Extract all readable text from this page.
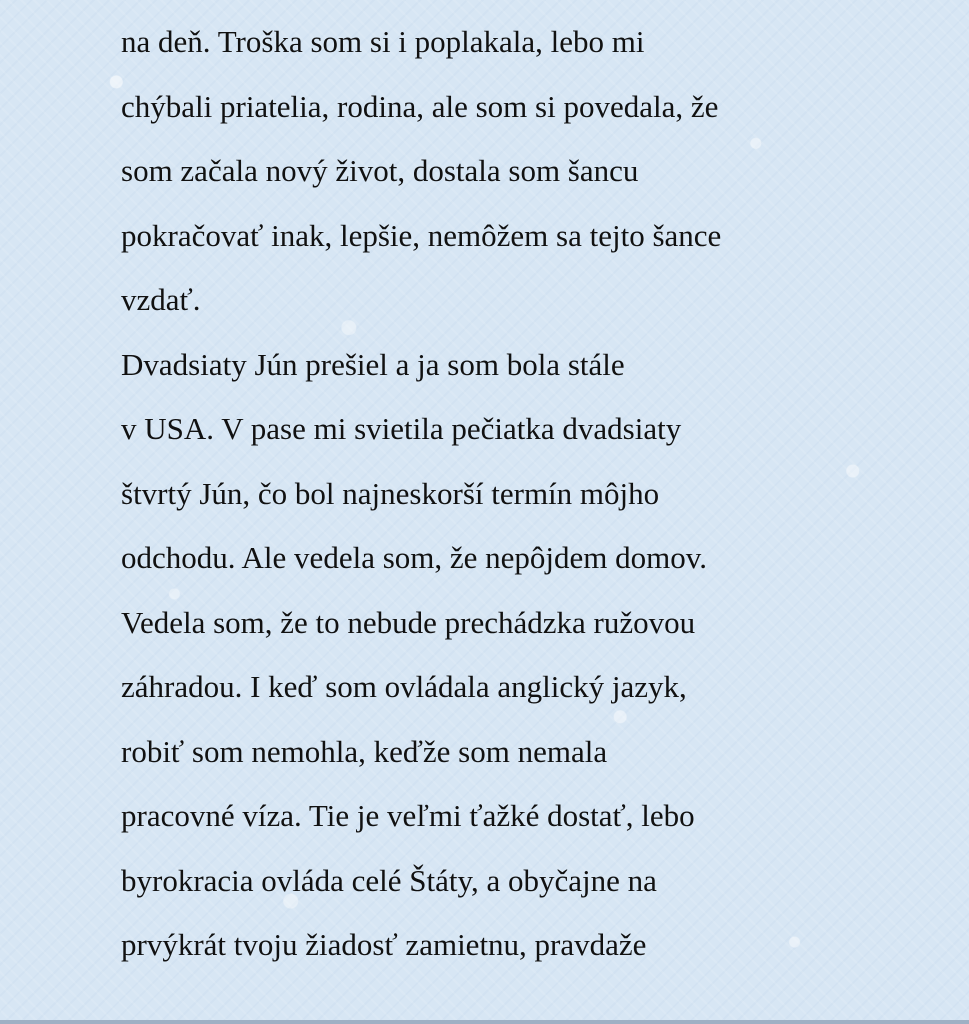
na deň. Troška som si i poplakala, lebo mi
chýbali priatelia, rodina, ale som si povedala, že
som začala nový život, dostala som šancu
pokračovať inak, lepšie, nemôžem sa tejto šance
vzdať.
Dvadsiaty Jún prešiel a ja som bola stále
v USA. V pase mi svietila pečiatka dvadsiaty
štvrtý Jún, čo bol najneskorší termín môjho
odchodu. Ale vedela som, že nepôjdem domov.
Vedela som, že to nebude prechádzka ružovou
záhradou. I keď som ovládala anglický jazyk,
robiť som nemohla, keďže som nemala
pracovné víza. Tie je veľmi ťažké dostať, lebo
byrokracia ovláda celé Štáty, a obyčajne na
prvýkrát tvoju žiadosť zamietnu, pravdaže
